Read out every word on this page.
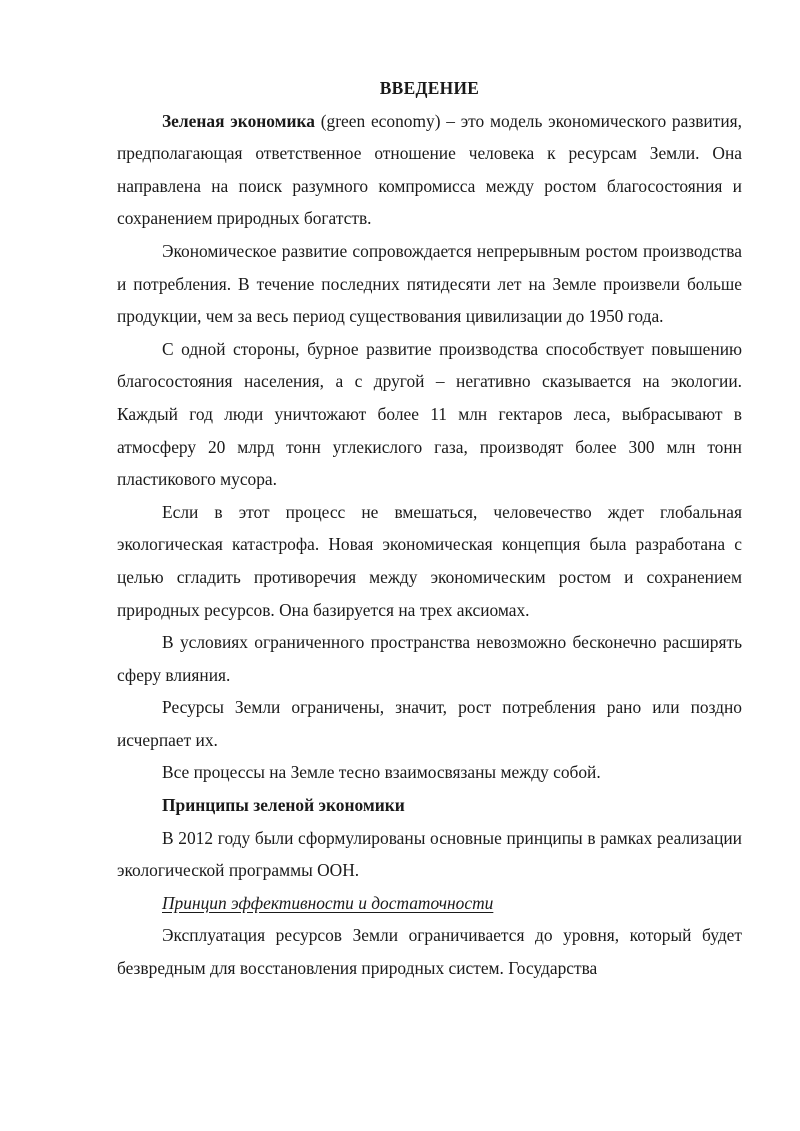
ВВЕДЕНИЕ

Зеленая экономика (green economy) – это модель экономического развития, предполагающая ответственное отношение человека к ресурсам Земли. Она направлена на поиск разумного компромисса между ростом благосостояния и сохранением природных богатств.

Экономическое развитие сопровождается непрерывным ростом производства и потребления. В течение последних пятидесяти лет на Земле произвели больше продукции, чем за весь период существования цивилизации до 1950 года.

С одной стороны, бурное развитие производства способствует повышению благосостояния населения, а с другой – негативно сказывается на экологии. Каждый год люди уничтожают более 11 млн гектаров леса, выбрасывают в атмосферу 20 млрд тонн углекислого газа, производят более 300 млн тонн пластикового мусора.

Если в этот процесс не вмешаться, человечество ждет глобальная экологическая катастрофа. Новая экономическая концепция была разработана с целью сгладить противоречия между экономическим ростом и сохранением природных ресурсов. Она базируется на трех аксиомах.

В условиях ограниченного пространства невозможно бесконечно расширять сферу влияния.

Ресурсы Земли ограничены, значит, рост потребления рано или поздно исчерпает их.

Все процессы на Земле тесно взаимосвязаны между собой.

Принципы зеленой экономики

В 2012 году были сформулированы основные принципы в рамках реализации экологической программы ООН.

Принцип эффективности и достаточности

Эксплуатация ресурсов Земли ограничивается до уровня, который будет безвредным для восстановления природных систем. Государства
